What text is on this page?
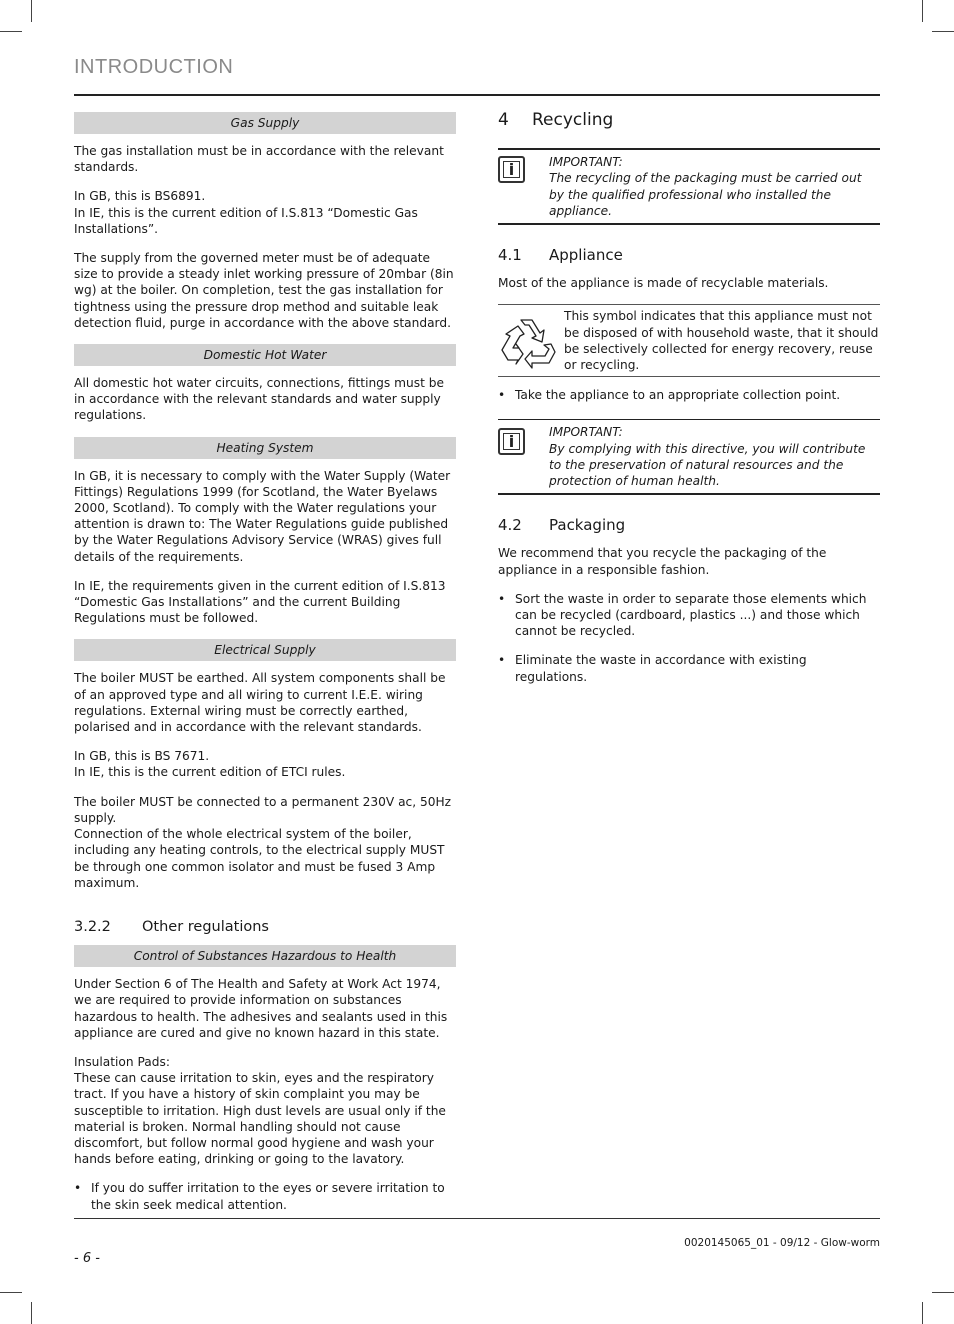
INTRODUCTION
Gas Supply

The gas installation must be in accordance with the relevant standards.

In GB, this is BS6891.
In IE, this is the current edition of I.S.813 “Domestic Gas Installations”.

The supply from the governed meter must be of adequate size to provide a steady inlet working pressure of 20mbar (8in wg) at the boiler. On completion, test the gas installation for tightness using the pressure drop method and suitable leak detection fluid, purge in accordance with the above standard.

Domestic Hot Water

All domestic hot water circuits, connections, fittings must be in accordance with the relevant standards and water supply regulations.

Heating System

In GB, it is necessary to comply with the Water Supply (Water Fittings) Regulations 1999 (for Scotland, the Water Byelaws 2000, Scotland). To comply with the Water regulations your attention is drawn to: The Water Regulations guide published by the Water Regulations Advisory Service (WRAS) gives full details of the requirements.

In IE, the requirements given in the current edition of I.S.813 “Domestic Gas Installations” and the current Building Regulations must be followed.

Electrical Supply

The boiler MUST be earthed. All system components shall be of an approved type and all wiring to current I.E.E. wiring regulations. External wiring must be correctly earthed, polarised and in accordance with the relevant standards.

In GB, this is BS 7671.
In IE, this is the current edition of ETCI rules.

The boiler MUST be connected to a permanent 230V ac, 50Hz supply.
Connection of the whole electrical system of the boiler, including any heating controls, to the electrical supply MUST be through one common isolator and must be fused 3 Amp maximum.

3.2.2 Other regulations
Control of Substances Hazardous to Health

Under Section 6 of The Health and Safety at Work Act 1974, we are required to provide information on substances hazardous to health. The adhesives and sealants used in this appliance are cured and give no known hazard in this state.

Insulation Pads:
These can cause irritation to skin, eyes and the respiratory tract. If you have a history of skin complaint you may be susceptible to irritation. High dust levels are usual only if the material is broken. Normal handling should not cause discomfort, but follow normal good hygiene and wash your hands before eating, drinking or going to the lavatory.

• If you do suffer irritation to the eyes or severe irritation to the skin seek medical attention.
4 Recycling
i	IMPORTANT:
The recycling of the packaging must be carried out by the qualified professional who installed the appliance.
4.1 Appliance

Most of the appliance is made of recyclable materials.

This symbol indicates that this appliance must not be disposed of with household waste, that it should be selectively collected for energy recovery, reuse or recycling.
• Take the appliance to an appropriate collection point.
i	IMPORTANT:
By complying with this directive, you will contribute to the preservation of natural resources and the protection of human health.
4.2 Packaging

We recommend that you recycle the packaging of the appliance in a responsible fashion.

• Sort the waste in order to separate those elements which can be recycled (cardboard, plastics ...) and those which cannot be recycled.
• Eliminate the waste in accordance with existing regulations.
0020145065_01 - 09/12 - Glow-worm
- 6 -
